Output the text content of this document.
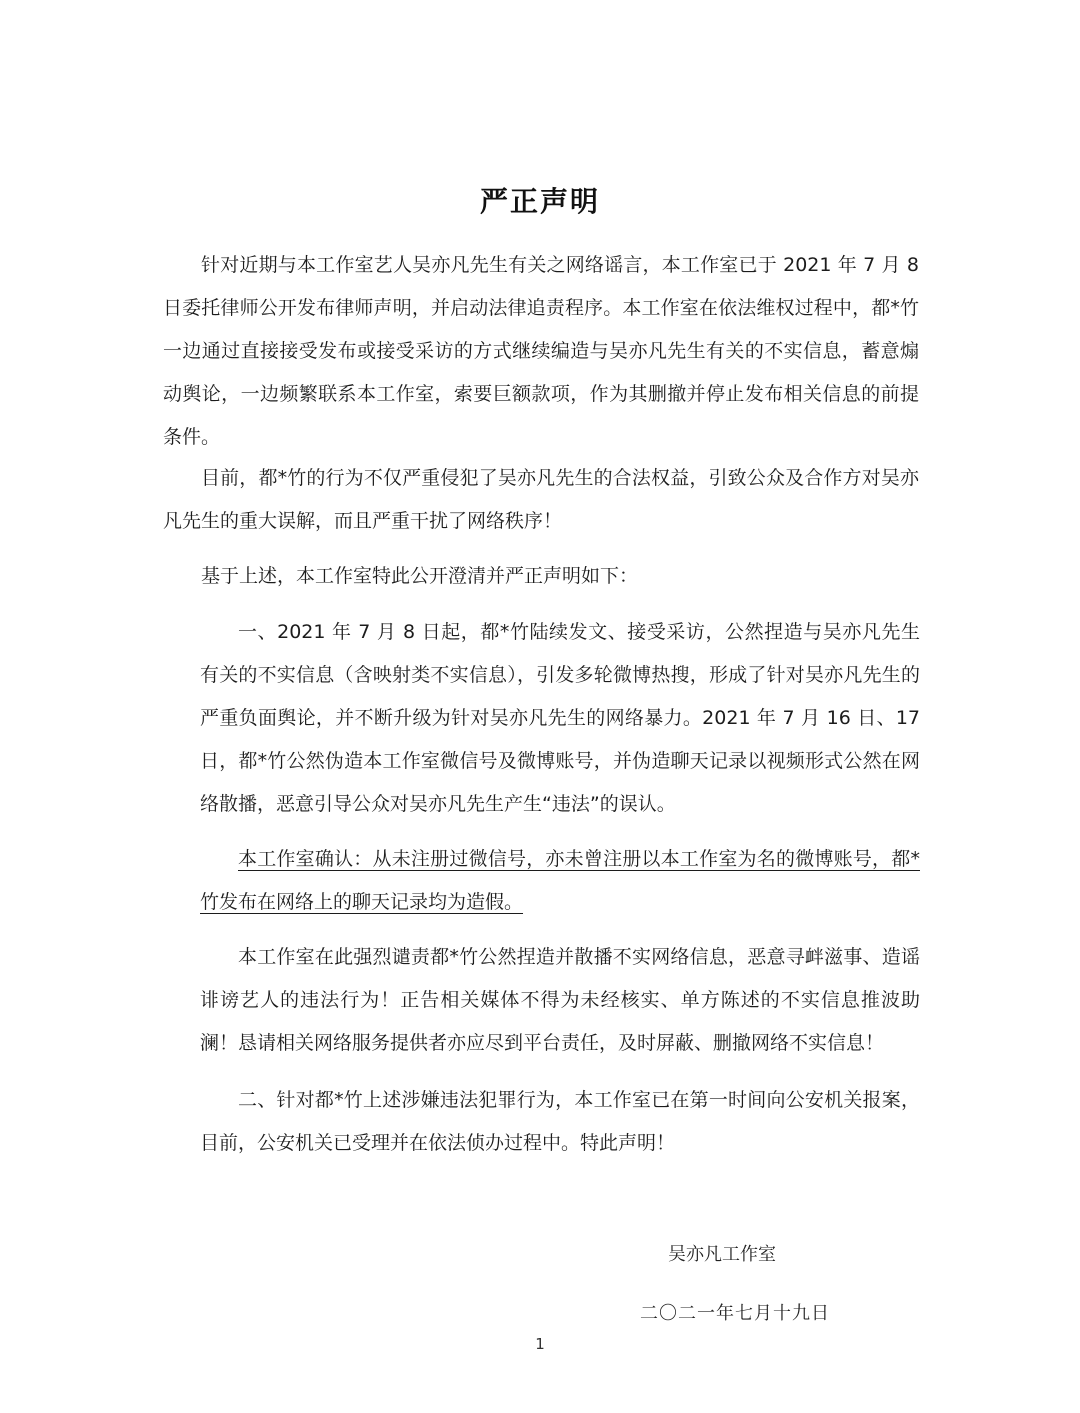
严正声明

针对近期与本工作室艺人吴亦凡先生有关之网络谣言，本工作室已于 2021 年 7 月 8 日委托律师公开发布律师声明，并启动法律追责程序。本工作室在依法维权过程中，都*竹一边通过直接接受发布或接受采访的方式继续编造与吴亦凡先生有关的不实信息，蓄意煽动舆论，一边频繁联系本工作室，索要巨额款项，作为其删撤并停止发布相关信息的前提条件。

目前，都*竹的行为不仅严重侵犯了吴亦凡先生的合法权益，引致公众及合作方对吴亦凡先生的重大误解，而且严重干扰了网络秩序！

基于上述，本工作室特此公开澄清并严正声明如下：

一、2021 年 7 月 8 日起，都*竹陆续发文、接受采访，公然捏造与吴亦凡先生有关的不实信息（含映射类不实信息），引发多轮微博热搜，形成了针对吴亦凡先生的严重负面舆论，并不断升级为针对吴亦凡先生的网络暴力。2021 年 7 月 16 日、17 日，都*竹公然伪造本工作室微信号及微博账号，并伪造聊天记录以视频形式公然在网络散播，恶意引导公众对吴亦凡先生产生“违法”的误认。

本工作室确认：从未注册过微信号，亦未曾注册以本工作室为名的微博账号，都*竹发布在网络上的聊天记录均为造假。

本工作室在此强烈谴责都*竹公然捏造并散播不实网络信息，恶意寻衅滋事、造谣诽谤艺人的违法行为！正告相关媒体不得为未经核实、单方陈述的不实信息推波助澜！恳请相关网络服务提供者亦应尽到平台责任，及时屏蔽、删撤网络不实信息！

二、针对都*竹上述涉嫌违法犯罪行为，本工作室已在第一时间向公安机关报案，目前，公安机关已受理并在依法侦办过程中。特此声明！

吴亦凡工作室
二〇二一年七月十九日
1
